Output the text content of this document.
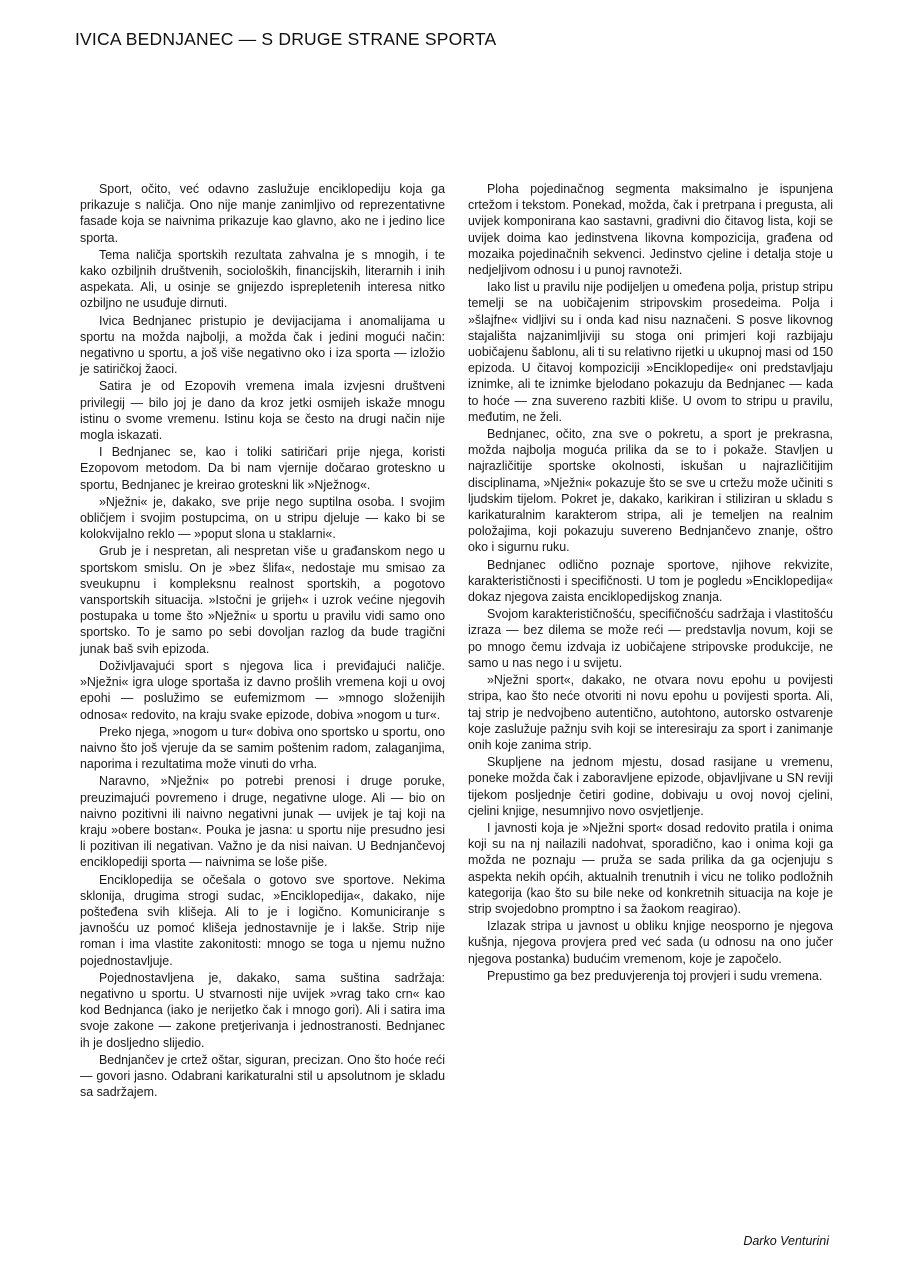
IVICA BEDNJANEC — S DRUGE STRANE SPORTA

Sport, očito, već odavno zaslužuje enciklopediju koja ga prikazuje s naličja. Ono nije manje zanimljivo od reprezentativne fasade koja se naivnima prikazuje kao glavno, ako ne i jedino lice sporta.

Tema naličja sportskih rezultata zahvalna je s mnogih, i te kako ozbiljnih društvenih, socioloških, financijskih, literarnih i inih aspekata. Ali, u osinje se gnijezdo isprepletenih interesa nitko ozbiljno ne usuđuje dirnuti.

Ivica Bednjanec pristupio je devijacijama i anomalijama u sportu na možda najbolji, a možda čak i jedini mogući način: negativno u sportu, a još više negativno oko i iza sporta — izložio je satiričkoj žaoci.

Satira je od Ezopovih vremena imala izvjesni društveni privilegij — bilo joj je dano da kroz jetki osmijeh iskaže mnogu istinu o svome vremenu. Istinu koja se često na drugi način nije mogla iskazati.

I Bednjanec se, kao i toliki satiričari prije njega, koristi Ezopovom metodom. Da bi nam vjernije dočarao groteskno u sportu, Bednjanec je kreirao groteskni lik »Nježnog«.

»Nježni« je, dakako, sve prije nego suptilna osoba. I svojim obličjem i svojim postupcima, on u stripu djeluje — kako bi se kolokvijalno reklo — »poput slona u staklarni«.

Grub je i nespretan, ali nespretan više u građanskom nego u sportskom smislu. On je »bez šlifa«, nedostaje mu smisao za sveukupnu i kompleksnu realnost sportskih, a pogotovo vansportskih situacija. »Istočni je grijeh« i uzrok većine njegovih postupaka u tome što »Nježni« u sportu u pravilu vidi samo ono sportsko. To je samo po sebi dovoljan razlog da bude tragični junak baš svih epizoda.

Doživljavajući sport s njegova lica i previđajući naličje. »Nježni« igra uloge sportaša iz davno prošlih vremena koji u ovoj epohi — poslužimo se eufemizmom — »mnogo složenijih odnosa« redovito, na kraju svake epizode, dobiva »nogom u tur«.

Preko njega, »nogom u tur« dobiva ono sportsko u sportu, ono naivno što još vjeruje da se samim poštenim radom, zalaganjima, naporima i rezultatima može vinuti do vrha.

Naravno, »Nježni« po potrebi prenosi i druge poruke, preuzimajući povremeno i druge, negativne uloge. Ali — bio on naivno pozitivni ili naivno negativni junak — uvijek je taj koji na kraju »obere bostan«. Pouka je jasna: u sportu nije presudno jesi li pozitivan ili negativan. Važno je da nisi naivan. U Bednjančevoj enciklopediji sporta — naivnima se loše piše.

Enciklopedija se očešala o gotovo sve sportove. Nekima sklonija, drugima strogi sudac, »Enciklopedija«, dakako, nije pošteđena svih klišeja. Ali to je i logično. Komuniciranje s javnošću uz pomoć klišeja jednostavnije je i lakše. Strip nije roman i ima vlastite zakonitosti: mnogo se toga u njemu nužno pojednostavljuje.

Pojednostavljena je, dakako, sama suština sadržaja: negativno u sportu. U stvarnosti nije uvijek »vrag tako crn« kao kod Bednjanca (iako je nerijetko čak i mnogo gori). Ali i satira ima svoje zakone — zakone pretjerivanja i jednostranosti. Bednjanec ih je dosljedno slijedio.

Bednjančev je crtež oštar, siguran, precizan. Ono što hoće reći — govori jasno. Odabrani karikaturalni stil u apsolutnom je skladu sa sadržajem.

Ploha pojedinačnog segmenta maksimalno je ispunjena crtežom i tekstom. Ponekad, možda, čak i pretrpana i pregusta, ali uvijek komponirana kao sastavni, gradivni dio čitavog lista, koji se uvijek doima kao jedinstvena likovna kompozicija, građena od mozaika pojedinačnih sekvenci. Jedinstvo cjeline i detalja stoje u nedjeljivom odnosu i u punoj ravnoteži.

Iako list u pravilu nije podijeljen u omeđena polja, pristup stripu temelji se na uobičajenim stripovskim prosedeima. Polja i »šlajfne« vidljivi su i onda kad nisu naznačeni. S posve likovnog stajališta najzanimljiviji su stoga oni primjeri koji razbijaju uobičajenu šablonu, ali ti su relativno rijetki u ukupnoj masi od 150 epizoda. U čitavoj kompoziciji »Enciklopedije« oni predstavljaju iznimke, ali te iznimke bjelodano pokazuju da Bednjanec — kada to hoće — zna suvereno razbiti kliše. U ovom to stripu u pravilu, međutim, ne želi.

Bednjanec, očito, zna sve o pokretu, a sport je prekrasna, možda najbolja moguća prilika da se to i pokaže. Stavljen u najrazličitije sportske okolnosti, iskušan u najrazličitijim disciplinama, »Nježni« pokazuje što se sve u crtežu može učiniti s ljudskim tijelom. Pokret je, dakako, karikiran i stiliziran u skladu s karikaturalnim karakterom stripa, ali je temeljen na realnim položajima, koji pokazuju suvereno Bednjančevo znanje, oštro oko i sigurnu ruku.

Bednjanec odlično poznaje sportove, njihove rekvizite, karakterističnosti i specifičnosti. U tom je pogledu »Enciklopedija« dokaz njegova zaista enciklopedijskog znanja.

Svojom karakterističnošću, specifičnošću sadržaja i vlastitošću izraza — bez dilema se može reći — predstavlja novum, koji se po mnogo čemu izdvaja iz uobičajene stripovske produkcije, ne samo u nas nego i u svijetu.

»Nježni sport«, dakako, ne otvara novu epohu u povijesti stripa, kao što neće otvoriti ni novu epohu u povijesti sporta. Ali, taj strip je nedvojbeno autentično, autohtono, autorsko ostvarenje koje zaslužuje pažnju svih koji se interesiraju za sport i zanimanje onih koje zanima strip.

Skupljene na jednom mjestu, dosad rasijane u vremenu, poneke možda čak i zaboravljene epizode, objavljivane u SN reviji tijekom posljednje četiri godine, dobivaju u ovoj novoj cjelini, cjelini knjige, nesumnjivo novo osvjetljenje.

I javnosti koja je »Nježni sport« dosad redovito pratila i onima koji su na nj nailazili nadohvat, sporadično, kao i onima koji ga možda ne poznaju — pruža se sada prilika da ga ocjenjuju s aspekta nekih općih, aktualnih trenutnih i vicu ne toliko podložnih kategorija (kao što su bile neke od konkretnih situacija na koje je strip svojedobno promptno i sa žaokom reagirao).

Izlazak stripa u javnost u obliku knjige neosporno je njegova kušnja, njegova provjera pred već sada (u odnosu na ono jučer njegova postanka) budućim vremenom, koje je započelo.

Prepustimo ga bez preduvjerenja toj provjeri i sudu vremena.

Darko Venturini
